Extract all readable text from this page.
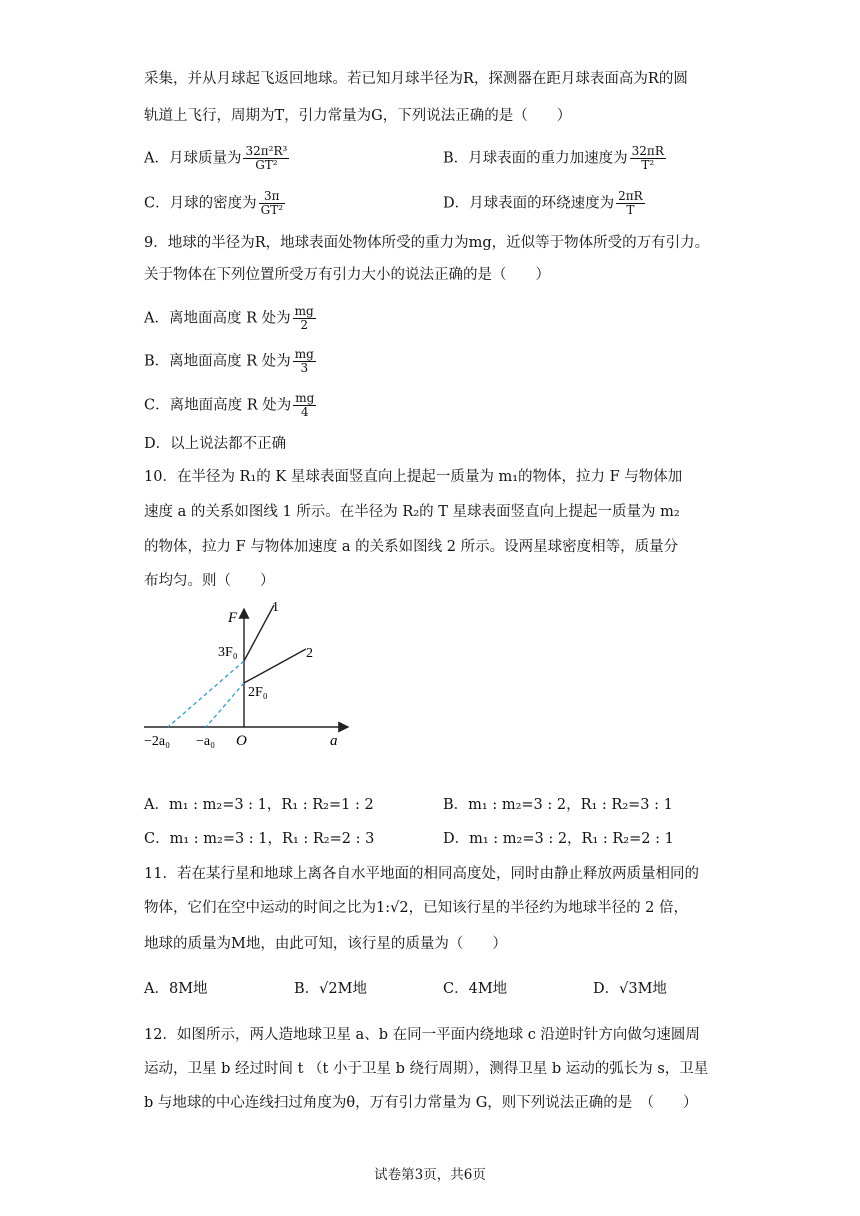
采集，并从月球起飞返回地球。若已知月球半径为R，探测器在距月球表面高为R的圆
轨道上飞行，周期为T，引力常量为G，下列说法正确的是（　　）
A．月球质量为 $\frac{\text{32π²R³}}{\text{GT²}}$	B．月球表面的重力加速度为 $\frac{32\pi R}{\text{T²}}$
C．月球的密度为 $\frac{3\pi}{\text{GT²}}$	D．月球表面的环绕速度为 $\frac{2\pi R}{T}$
9．地球的半径为R，地球表面处物体所受的重力为mg，近似等于物体所受的万有引力。
关于物体在下列位置所受万有引力大小的说法正确的是（　　）
A．离地面高度 R 处为 $\frac{mg}{2}$
B．离地面高度 R 处为 $\frac{mg}{3}$
C．离地面高度 R 处为 $\frac{mg}{4}$
D．以上说法都不正确
10．在半径为 R₁的 K 星球表面竖直向上提起一质量为 m₁的物体，拉力 F 与物体加
速度 a 的关系如图线 1 所示。在半径为 R₂的 T 星球表面竖直向上提起一质量为 m₂
的物体，拉力 F 与物体加速度 a 的关系如图线 2 所示。设两星球密度相等，质量分
布均匀。则（　　）
F
a
O
1
2
3F₀
2F₀
−2a₀ −a₀
A．m₁ : m₂=3 : 1，R₁ : R₂=1 : 2	B．m₁ : m₂=3 : 2，R₁ : R₂=3 : 1
C．m₁ : m₂=3 : 1，R₁ : R₂=2 : 3	D．m₁ : m₂=3 : 2，R₁ : R₂=2 : 1
11．若在某行星和地球上离各自水平地面的相同高度处，同时由静止释放两质量相同的
物体，它们在空中运动的时间之比为1:√2，已知该行星的半径约为地球半径的 2 倍，
地球的质量为M地，由此可知，该行星的质量为（　　）
A．8M地	B．√2M地	C．4M地	D．√3M地
12．如图所示，两人造地球卫星 a、b 在同一平面内绕地球 c 沿逆时针方向做匀速圆周
运动，卫星 b 经过时间 t （t 小于卫星 b 绕行周期），测得卫星 b 运动的弧长为 s，卫星
b 与地球的中心连线扫过角度为θ，万有引力常量为 G，则下列说法正确的是　（　　）
试卷第3页，共6页
